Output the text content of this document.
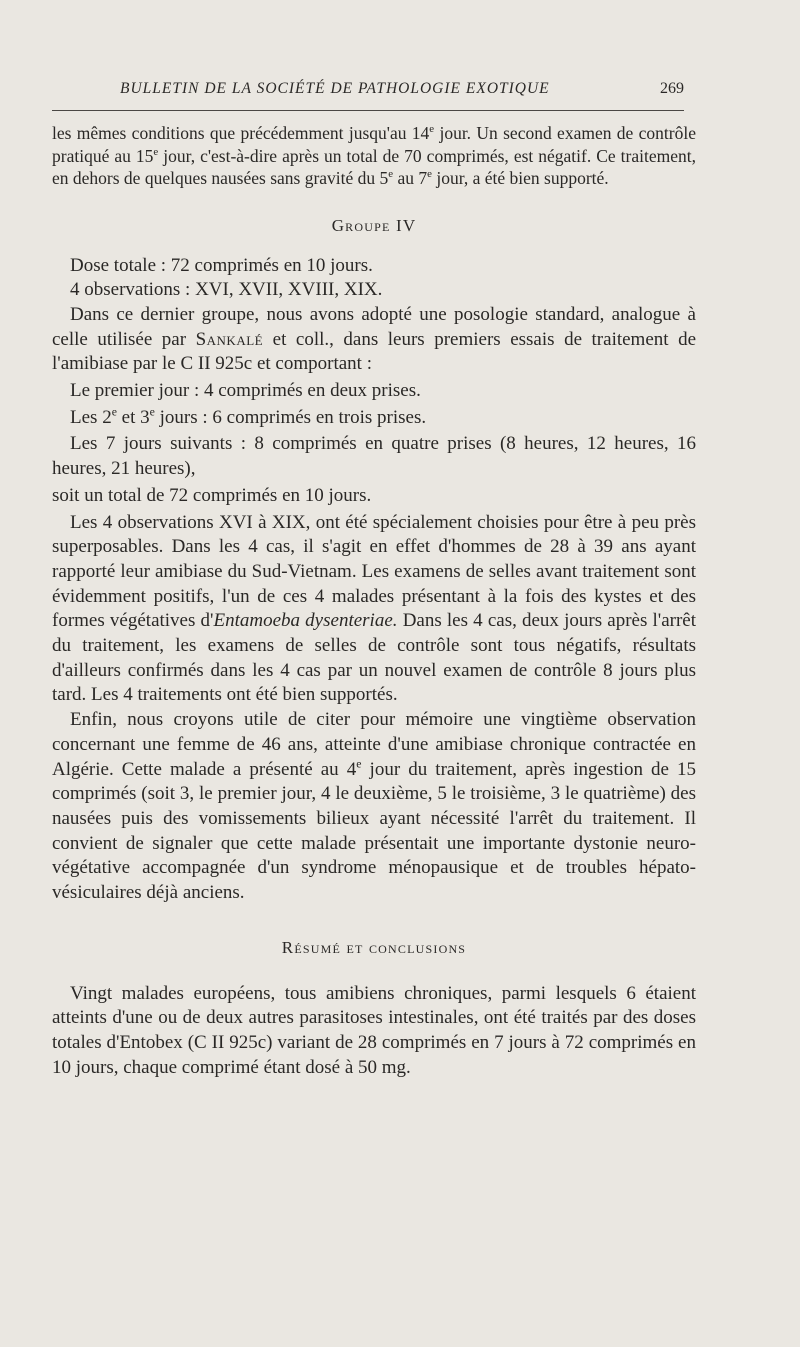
BULLETIN DE LA SOCIÉTÉ DE PATHOLOGIE EXOTIQUE	269

les mêmes conditions que précédemment jusqu'au 14e jour. Un second examen de contrôle pratiqué au 15e jour, c'est-à-dire après un total de 70 comprimés, est négatif. Ce traitement, en dehors de quelques nausées sans gravité du 5e au 7e jour, a été bien supporté.

Groupe IV

Dose totale : 72 comprimés en 10 jours.

4 observations : XVI, XVII, XVIII, XIX.

Dans ce dernier groupe, nous avons adopté une posologie standard, analogue à celle utilisée par Sankalé et coll., dans leurs premiers essais de traitement de l'amibiase par le C II 925c et comportant :

Le premier jour : 4 comprimés en deux prises.

Les 2e et 3e jours : 6 comprimés en trois prises.

Les 7 jours suivants : 8 comprimés en quatre prises (8 heures, 12 heures, 16 heures, 21 heures),

soit un total de 72 comprimés en 10 jours.

Les 4 observations XVI à XIX, ont été spécialement choisies pour être à peu près superposables. Dans les 4 cas, il s'agit en effet d'hommes de 28 à 39 ans ayant rapporté leur amibiase du Sud-Vietnam. Les examens de selles avant traitement sont évidemment positifs, l'un de ces 4 malades présentant à la fois des kystes et des formes végétatives d'Entamoeba dysenteriae. Dans les 4 cas, deux jours après l'arrêt du traitement, les examens de selles de contrôle sont tous négatifs, résultats d'ailleurs confirmés dans les 4 cas par un nouvel examen de contrôle 8 jours plus tard. Les 4 traitements ont été bien supportés.

Enfin, nous croyons utile de citer pour mémoire une vingtième observation concernant une femme de 46 ans, atteinte d'une amibiase chronique contractée en Algérie. Cette malade a présenté au 4e jour du traitement, après ingestion de 15 comprimés (soit 3, le premier jour, 4 le deuxième, 5 le troisième, 3 le quatrième) des nausées puis des vomissements bilieux ayant nécessité l'arrêt du traitement. Il convient de signaler que cette malade présentait une importante dystonie neuro-végétative accompagnée d'un syndrome ménopausique et de troubles hépato-vésiculaires déjà anciens.

Résumé et conclusions

Vingt malades européens, tous amibiens chroniques, parmi lesquels 6 étaient atteints d'une ou de deux autres parasitoses intestinales, ont été traités par des doses totales d'Entobex (C II 925c) variant de 28 comprimés en 7 jours à 72 comprimés en 10 jours, chaque comprimé étant dosé à 50 mg.
